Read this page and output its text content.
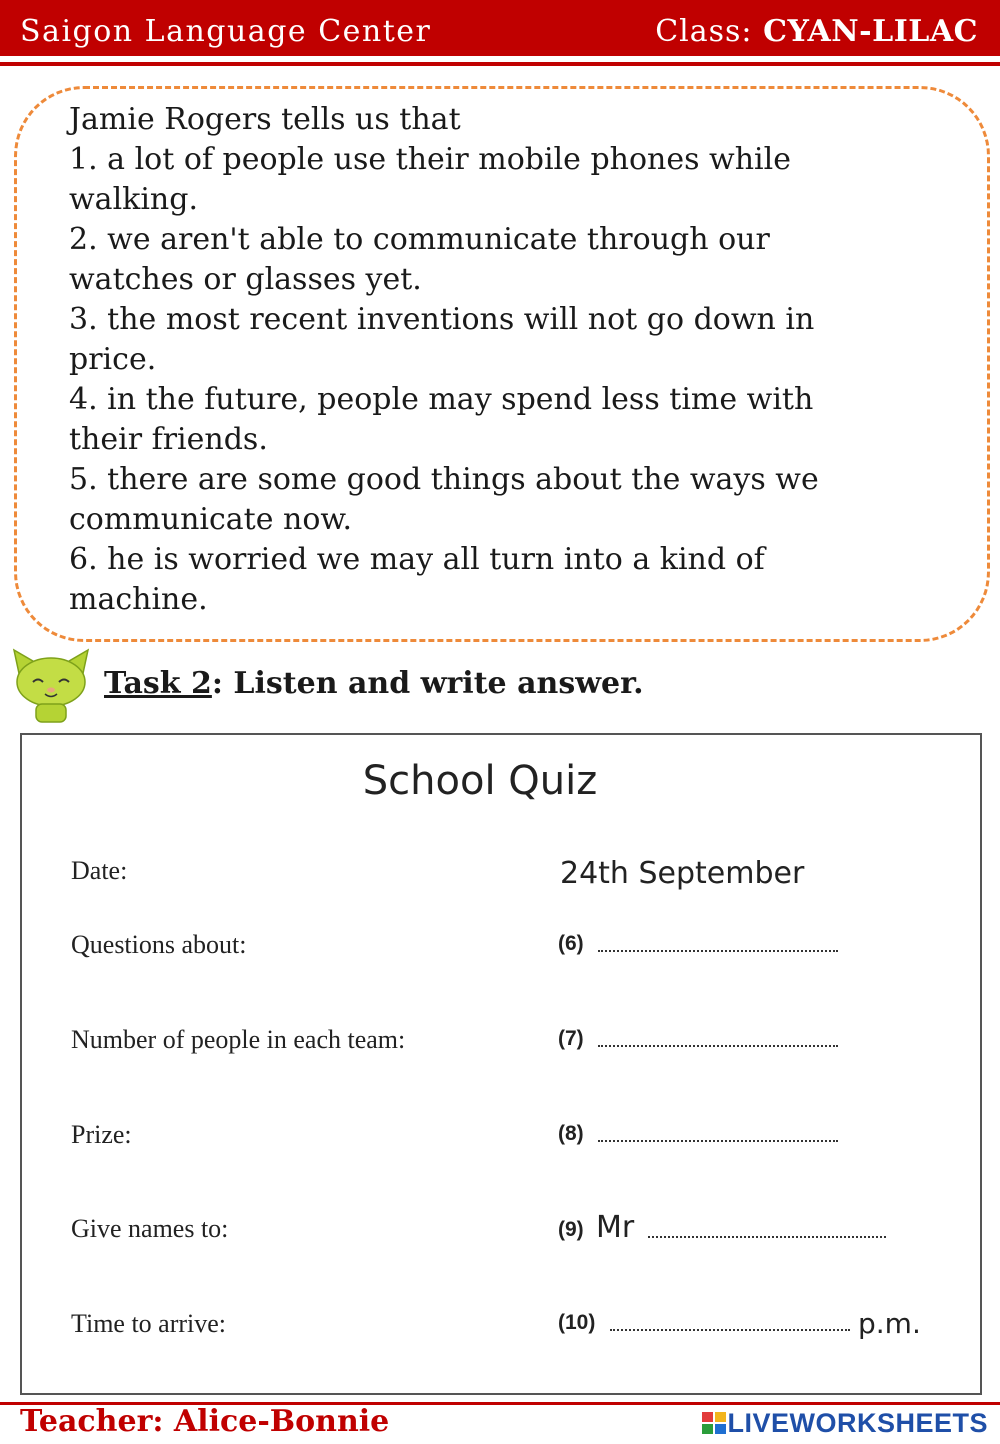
Saigon Language Center	Class: CYAN-LILAC

Jamie Rogers tells us that

1. a lot of people use their mobile phones while walking.

2. we aren't able to communicate through our watches or glasses yet.

3. the most recent inventions will not go down in price.

4. in the future, people may spend less time with their friends.

5. there are some good things about the ways we communicate now.

6. he is worried we may all turn into a kind of machine.

Task 2: Listen and write answer.
School Quiz
Date:	24th September
Questions about:	(6)
Number of people in each team:	(7)
Prize:	(8)
Give names to:	(9) Mr
Time to arrive:	(10)	p.m.
Teacher: Alice-Bonnie	LIVEWORKSHEETS
